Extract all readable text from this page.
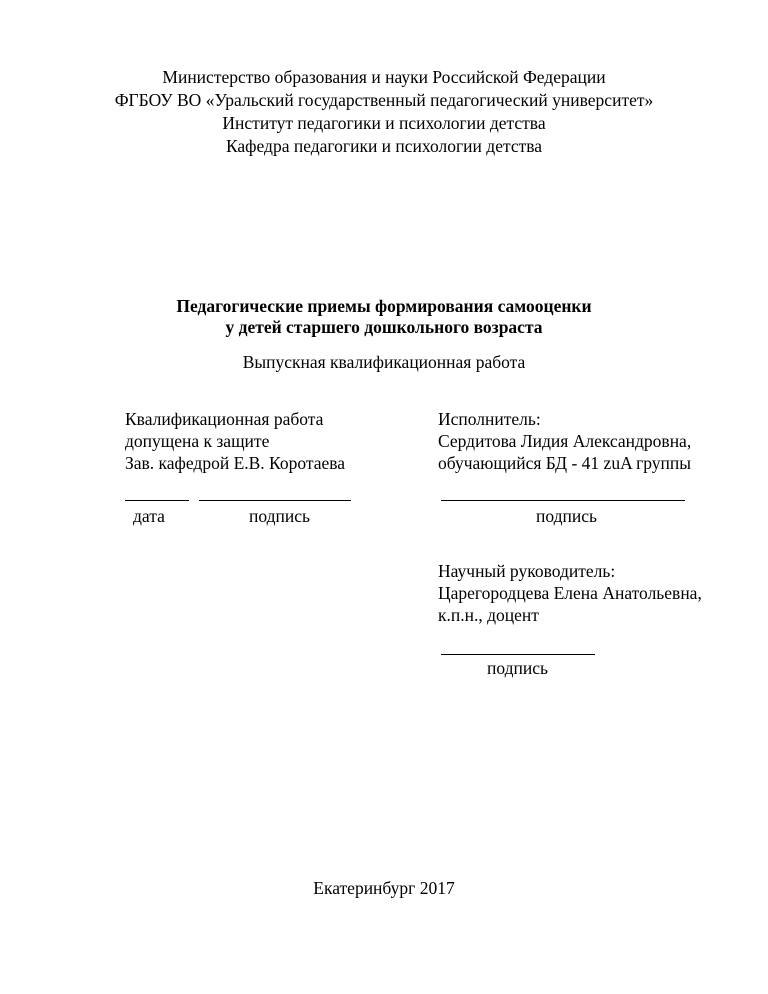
Министерство образования и науки Российской Федерации
ФГБОУ ВО «Уральский государственный педагогический университет»
Институт педагогики и психологии детства
Кафедра педагогики и психологии детства
Педагогические приемы формирования самооценки
у детей старшего дошкольного возраста
Выпускная квалификационная работа
Квалификационная работа
допущена к защите
Зав. кафедрой Е.В. Коротаева
Исполнитель:
Сердитова Лидия Александровна,
обучающийся БД - 41 zuA группы
дата	подпись	подпись
Научный руководитель:
Царегородцева Елена Анатольевна,
к.п.н., доцент
подпись
Екатеринбург 2017
